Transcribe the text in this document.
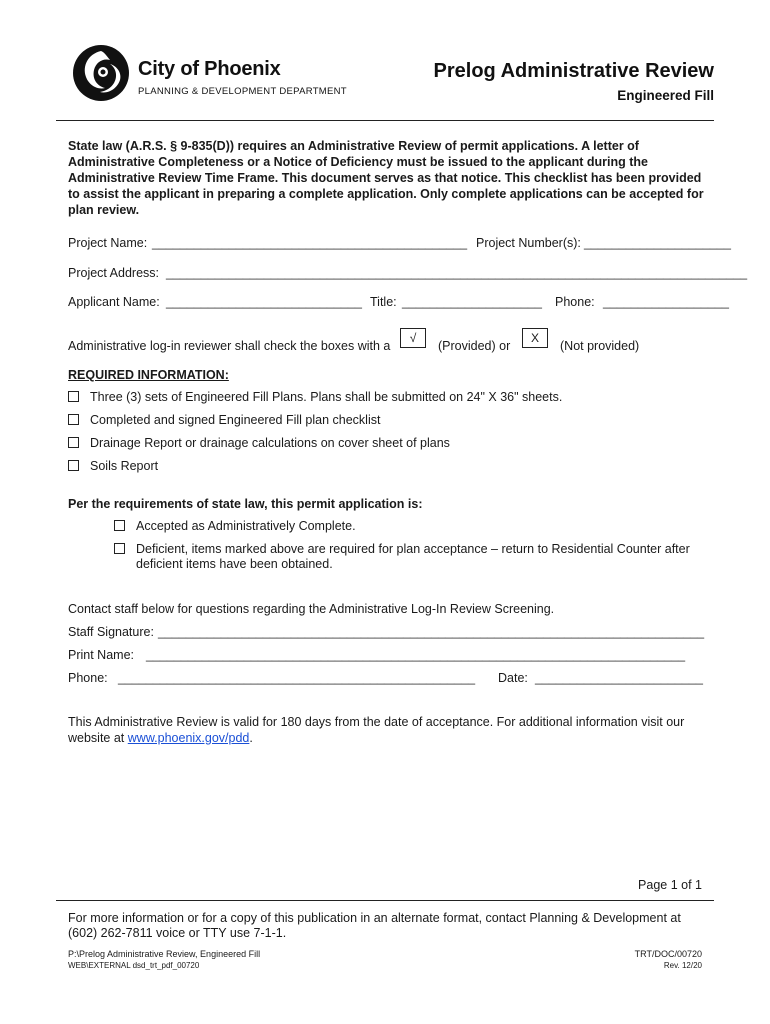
City of Phoenix
PLANNING & DEVELOPMENT DEPARTMENT
Prelog Administrative Review
Engineered Fill
State law (A.R.S. § 9-835(D)) requires an Administrative Review of permit applications. A letter of Administrative Completeness or a Notice of Deficiency must be issued to the applicant during the Administrative Review Time Frame. This document serves as that notice. This checklist has been provided to assist the applicant in preparing a complete application. Only complete applications can be accepted for plan review.
Project Name: _____________________________________________ Project Number(s): _____________________
Project Address: ___________________________________________________________________________________
Applicant Name: ____________________________ Title: ____________________ Phone: __________________
Administrative log-in reviewer shall check the boxes with a
√
(Provided) or
X
(Not provided)
REQUIRED INFORMATION:
Three (3) sets of Engineered Fill Plans. Plans shall be submitted on 24" X 36" sheets.
Completed and signed Engineered Fill plan checklist
Drainage Report or drainage calculations on cover sheet of plans
Soils Report
Per the requirements of state law, this permit application is:
Accepted as Administratively Complete.
Deficient, items marked above are required for plan acceptance – return to Residential Counter after
deficient items have been obtained.
Contact staff below for questions regarding the Administrative Log-In Review Screening.
Staff Signature: ______________________________________________________________________________
Print Name: _____________________________________________________________________________
Phone: ___________________________________________________ Date: ________________________
This Administrative Review is valid for 180 days from the date of acceptance. For additional information visit our
website at www.phoenix.gov/pdd.
Page 1 of 1
For more information or for a copy of this publication in an alternate format, contact Planning & Development at
(602) 262-7811 voice or TTY use 7-1-1.
P:\Prelog Administrative Review, Engineered Fill
WEB\EXTERNAL dsd_trt_pdf_00720
TRT/DOC/00720
Rev. 12/20
